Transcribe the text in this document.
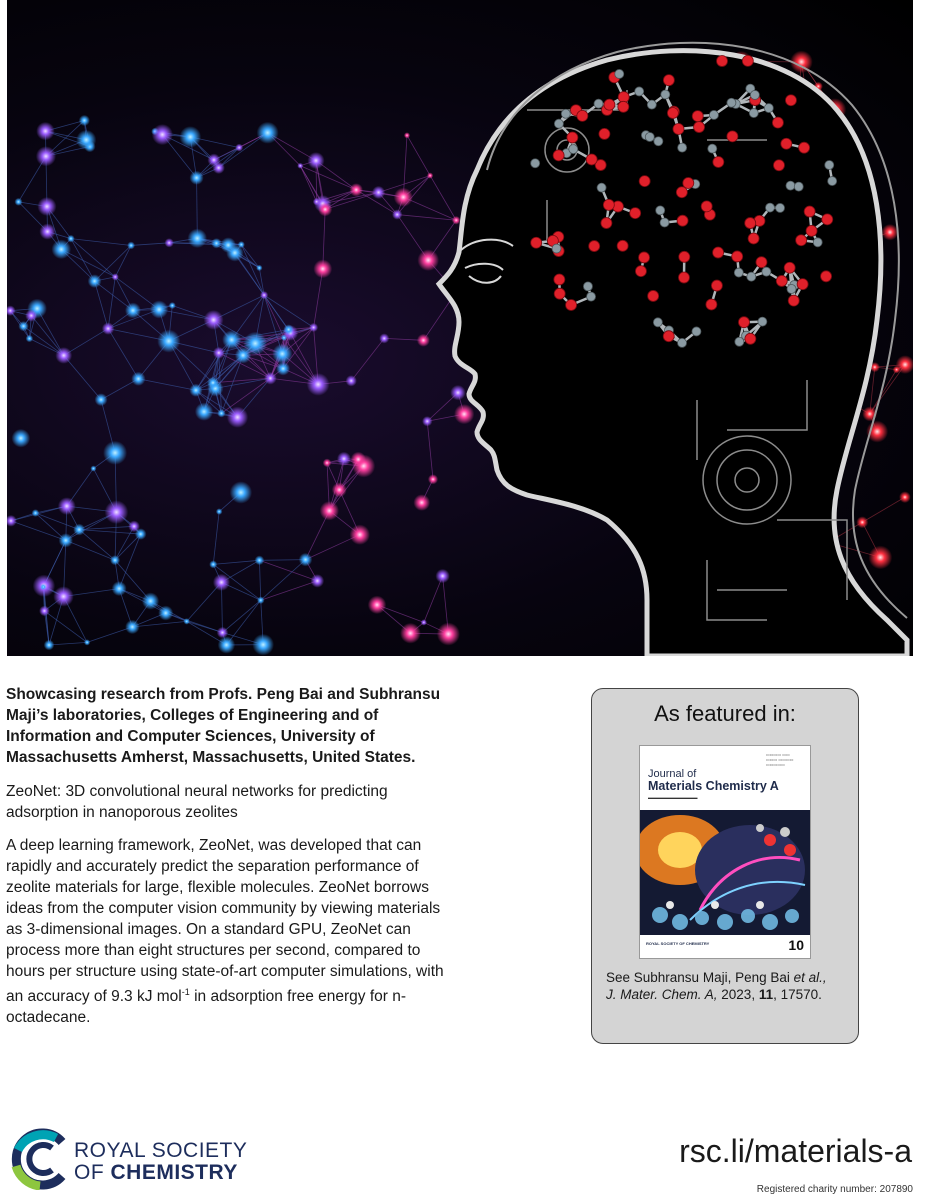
Showcasing research from Profs. Peng Bai and Subhransu Maji’s laboratories, Colleges of Engineering and of Information and Computer Sciences, University of Massachusetts Amherst, Massachusetts, United States.

ZeoNet: 3D convolutional neural networks for predicting adsorption in nanoporous zeolites

A deep learning framework, ZeoNet, was developed that can rapidly and accurately predict the separation performance of zeolite materials for large, flexible molecules. ZeoNet borrows ideas from the computer vision community by viewing materials as 3-dimensional images. On a standard GPU, ZeoNet can process more than eight structures per second, compared to hours per structure using state-of-art computer simulations, with an accuracy of 9.3 kJ mol$^{-1}$ in adsorption free energy for n-octadecane.

As featured in:
▭▭▭▭ ▭▭
▭▭▭ ▭▭▭▭
▭▭▭▭▭
Journal of
Materials Chemistry A
▬▬▬▬▬▬▬▬▬▬▬
ROYAL SOCIETY OF CHEMISTRY	10
See Subhransu Maji, Peng Bai et al.,
J. Mater. Chem. A, 2023, 11, 17570.
ROYAL SOCIETY
OF CHEMISTRY
rsc.li/materials-a
Registered charity number: 207890
